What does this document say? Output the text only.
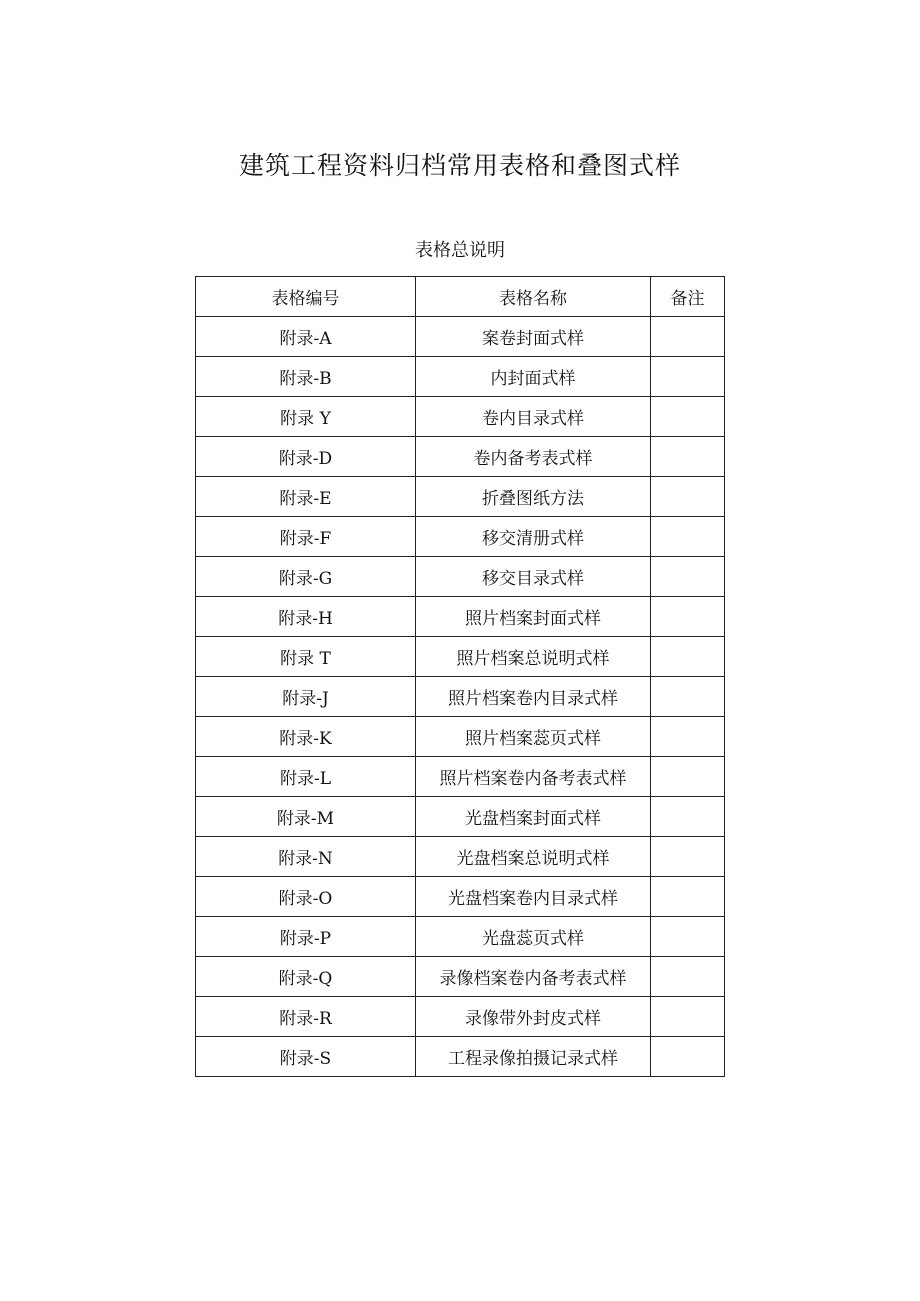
建筑工程资料归档常用表格和叠图式样
表格总说明
表格编号	表格名称	备注
附录-A	案卷封面式样	
附录-B	内封面式样	
附录 Y	卷内目录式样	
附录-D	卷内备考表式样	
附录-E	折叠图纸方法	
附录-F	移交清册式样	
附录-G	移交目录式样	
附录-H	照片档案封面式样	
附录 T	照片档案总说明式样	
附录-J	照片档案卷内目录式样	
附录-K	照片档案蕊页式样	
附录-L	照片档案卷内备考表式样	
附录-M	光盘档案封面式样	
附录-N	光盘档案总说明式样	
附录-O	光盘档案卷内目录式样	
附录-P	光盘蕊页式样	
附录-Q	录像档案卷内备考表式样	
附录-R	录像带外封皮式样	
附录-S	工程录像拍摄记录式样	
